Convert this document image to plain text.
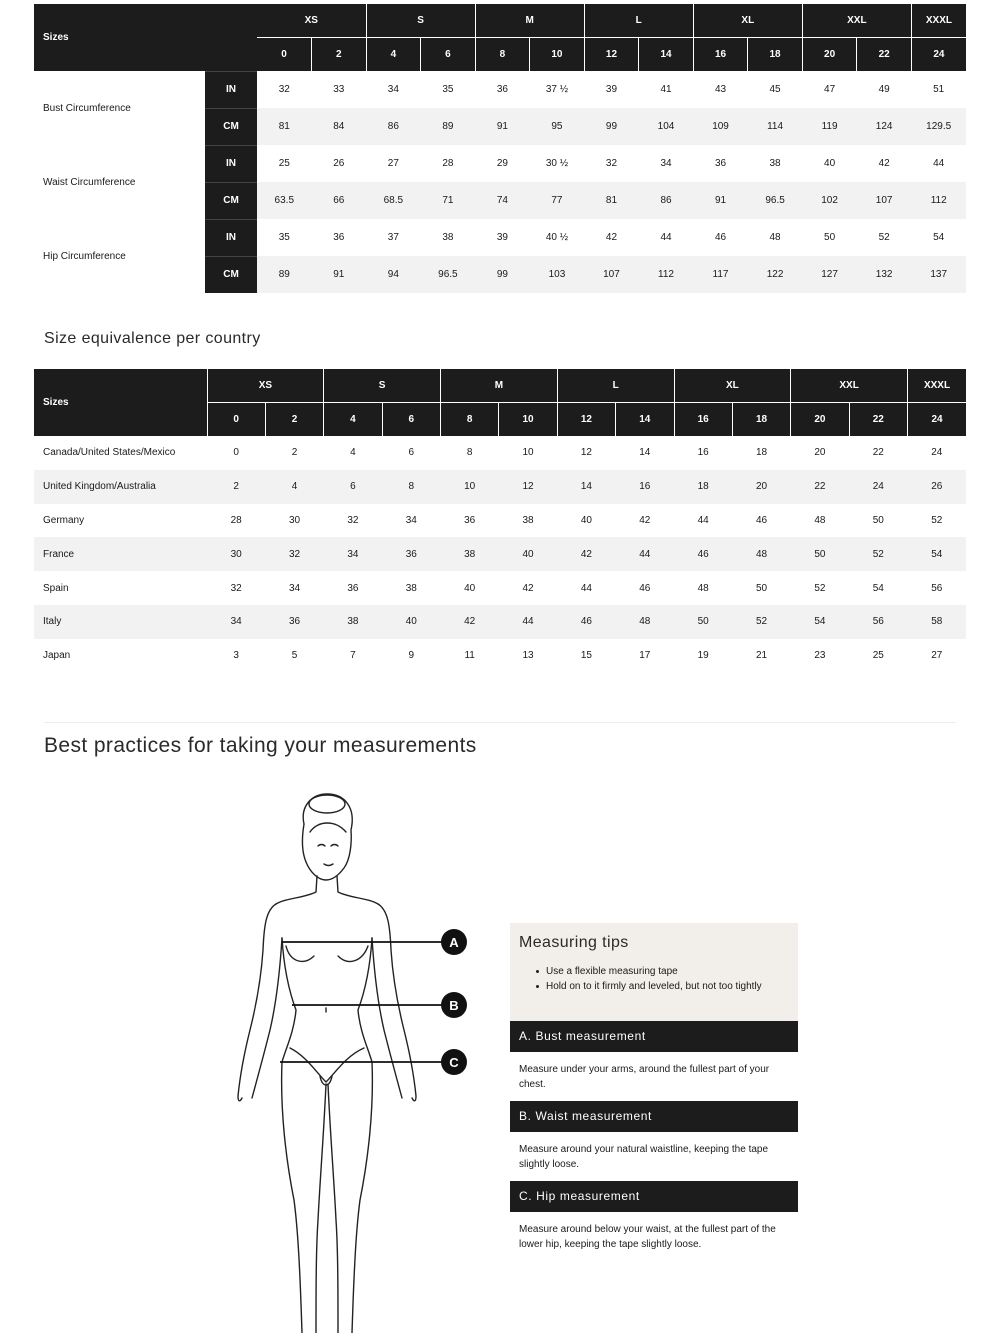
Sizes		XS		S		M		L		XL		XXL		XXXL
		0	2	4	6	8	10	12	14	16	18	20	22	24
Bust Circumference	IN	32	33	34	35	36	37 ½	39	41	43	45	47	49	51
	CM	81	84	86	89	91	95	99	104	109	114	119	124	129.5
Waist Circumference	IN	25	26	27	28	29	30 ½	32	34	36	38	40	42	44
	CM	63.5	66	68.5	71	74	77	81	86	91	96.5	102	107	112
Hip Circumference	IN	35	36	37	38	39	40 ½	42	44	46	48	50	52	54
	CM	89	91	94	96.5	99	103	107	112	117	122	127	132	137
Size equivalence per country
Sizes	XS		S		M		L		XL		XXL		XXXL
	0	2	4	6	8	10	12	14	16	18	20	22	24
Canada/United States/Mexico	0	2	4	6	8	10	12	14	16	18	20	22	24
United Kingdom/Australia	2	4	6	8	10	12	14	16	18	20	22	24	26
Germany	28	30	32	34	36	38	40	42	44	46	48	50	52
France	30	32	34	36	38	40	42	44	46	48	50	52	54
Spain	32	34	36	38	40	42	44	46	48	50	52	54	56
Italy	34	36	38	40	42	44	46	48	50	52	54	56	58
Japan	3	5	7	9	11	13	15	17	19	21	23	25	27
Best practices for taking your measurements
A
B
C
Measuring tips
Use a flexible measuring tape
Hold on to it firmly and leveled, but not too tightly
A. Bust measurement
Measure under your arms, around the fullest part of your chest.
B. Waist measurement
Measure around your natural waistline, keeping the tape slightly loose.
C. Hip measurement
Measure around below your waist, at the fullest part of the lower hip, keeping the tape slightly loose.
